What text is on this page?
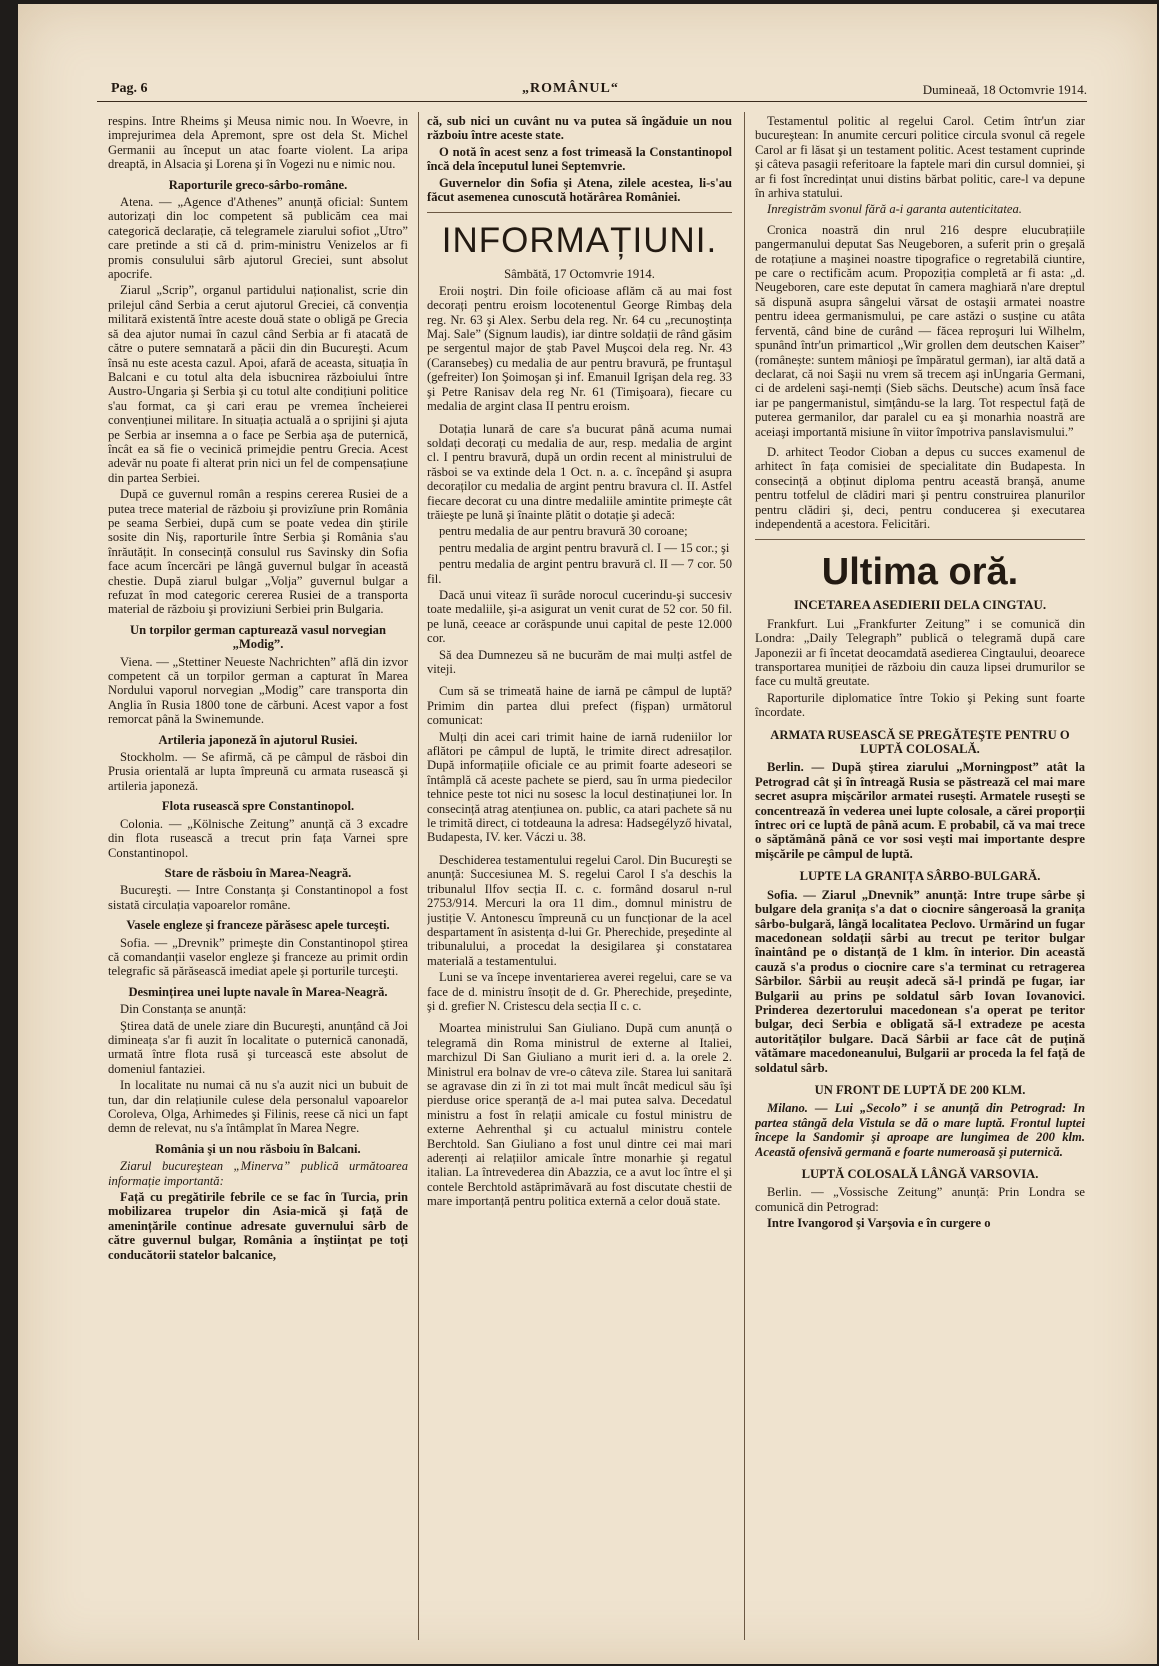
Pag. 6	„ROMÂNUL“	Dumineaă, 18 Octomvrie 1914.

respins. Intre Rheims şi Meusa nimic nou. In Woevre, in imprejurimea dela Apremont, spre ost dela St. Michel Germanii au început un atac foarte violent. La aripa dreaptă, in Alsacia şi Lorena şi în Vogezi nu e nimic nou.

Raporturile greco-sârbo-române.

Atena. — „Agence d'Athenes” anunță oficial: Suntem autorizați din loc competent să publicăm cea mai categorică declarație, că telegramele ziarului sofiot „Utro” care pretinde a sti că d. prim-ministru Venizelos ar fi promis consulului sârb ajutorul Greciei, sunt absolut apocrife.

Ziarul „Scrip”, organul partidului naționalist, scrie din prilejul când Serbia a cerut ajutorul Greciei, că convenția militară existentă între aceste două state o obligă pe Grecia să dea ajutor numai în cazul când Serbia ar fi atacată de către o putere semnatară a păcii din din Bucureşti. Acum însă nu este acesta cazul. Apoi, afară de aceasta, situația în Balcani e cu totul alta dela isbucnirea războiului între Austro-Ungaria şi Serbia şi cu totul alte condițiuni politice s'au format, ca şi cari erau pe vremea încheierei convențiunei militare. In situația actuală a o sprijini şi ajuta pe Serbia ar insemna a o face pe Serbia aşa de puternică, încât ea să fie o vecinică primejdie pentru Grecia. Acest adevăr nu poate fi alterat prin nici un fel de compensațiune din partea Serbiei.

După ce guvernul român a respins cererea Rusiei de a putea trece material de războiu şi provizîune prin România pe seama Serbiei, după cum se poate vedea din ştirile sosite din Niş, raporturile între Serbia şi România s'au înrăutățit. In consecință consulul rus Savinsky din Sofia face acum încercări pe lângă guvernul bulgar în această chestie. După ziarul bulgar „Volja” guvernul bulgar a refuzat în mod categoric cererea Rusiei de a transporta material de războiu şi proviziuni Serbiei prin Bulgaria.

Un torpilor german capturează vasul norvegian „Modig”.

Viena. — „Stettiner Neueste Nachrichten” află din izvor competent că un torpilor german a capturat în Marea Nordului vaporul norvegian „Modig” care transporta din Anglia în Rusia 1800 tone de cărbuni. Acest vapor a fost remorcat până la Swinemunde.

Artileria japoneză în ajutorul Rusiei.

Stockholm. — Se afirmă, că pe câmpul de răsboi din Prusia orientală ar lupta împreună cu armata rusească şi artileria japoneză.

Flota rusească spre Constantinopol.

Colonia. — „Kölnische Zeitung” anunță că 3 excadre din flota rusească a trecut prin fața Varnei spre Constantinopol.

Stare de răsboiu în Marea-Neagră.

Bucureşti. — Intre Constanța şi Constantinopol a fost sistată circulația vapoarelor române.

Vasele engleze şi franceze părăsesc apele turceşti.

Sofia. — „Drevnik” primeşte din Constantinopol ştirea că comandanții vaselor engleze şi franceze au primit ordin telegrafic să părăsească imediat apele şi porturile turceşti.

Desmințirea unei lupte navale în Marea-Neagră.

Din Constanța se anunță:

Ştirea dată de unele ziare din Bucureşti, anunțând că Joi dimineața s'ar fi auzit în localitate o puternică canonadă, urmată între flota rusă şi turcească este absolut de domeniul fantaziei.

In localitate nu numai că nu s'a auzit nici un bubuit de tun, dar din relațiunile culese dela personalul vapoarelor Coroleva, Olga, Arhimedes şi Filinis, reese că nici un fapt demn de relevat, nu s'a întâmplat în Marea Negre.

România şi un nou răsboiu în Balcani.

Ziarul bucureştean „Minerva” publică următoarea informație importantă:

Față cu pregătirile febrile ce se fac în Turcia, prin mobilizarea trupelor din Asia-mică şi față de amenințările continue adresate guvernului sârb de către guvernul bulgar, România a înştiințat pe toți conducătorii statelor balcanice,

că, sub nici un cuvânt nu va putea să îngăduie un nou războiu între aceste state.

O notă în acest senz a fost trimeasă la Constantinopol încă dela începutul lunei Septemvrie.

Guvernelor din Sofia şi Atena, zilele acestea, li-s'au făcut asemenea cunoscută hotărârea României.

INFORMAȚIUNI.

Sâmbătă, 17 Octomvrie 1914.

Eroii noştri. Din foile oficioase aflăm că au mai fost decorați pentru eroism locotenentul George Rimbaş dela reg. Nr. 63 şi Alex. Serbu dela reg. Nr. 64 cu „recunoştința Maj. Sale” (Signum laudis), iar dintre soldații de rând găsim pe sergentul major de ştab Pavel Muşcoi dela reg. Nr. 43 (Caransebeş) cu medalia de aur pentru bravură, pe fruntaşul (gefreiter) Ion Şoimoşan şi inf. Emanuil Igrişan dela reg. 33 şi Petre Ranisav dela reg Nr. 61 (Timişoara), fiecare cu medalia de argint clasa II pentru eroism.

Dotația lunară de care s'a bucurat până acuma numai soldați decorați cu medalia de aur, resp. medalia de argint cl. I pentru bravură, după un ordin recent al ministrului de răsboi se va extinde dela 1 Oct. n. a. c. începând şi asupra decoraților cu medalia de argint pentru bravura cl. II. Astfel fiecare decorat cu una dintre medaliile amintite primeşte cât trăieşte pe lună şi înainte plătit o dotație şi adecă:

pentru medalia de aur pentru bravură 30 coroane;

pentru medalia de argint pentru bravură cl. I — 15 cor.; şi

pentru medalia de argint pentru bravură cl. II — 7 cor. 50 fil.

Dacă unui viteaz îi surâde norocul cucerindu-şi succesiv toate medaliile, şi-a asigurat un venit curat de 52 cor. 50 fil. pe lună, ceeace ar corăspunde unui capital de peste 12.000 cor.

Să dea Dumnezeu să ne bucurăm de mai mulți astfel de viteji.

Cum să se trimeată haine de iarnă pe câmpul de luptă? Primim din partea dlui prefect (fişpan) următorul comunicat:

Mulți din acei cari trimit haine de iarnă rudeniilor lor aflători pe câmpul de luptă, le trimite direct adresaților. După informațiile oficiale ce au primit foarte adeseori se întâmplă că aceste pachete se pierd, sau în urma piedecilor tehnice peste tot nici nu sosesc la locul destinațiunei lor. In consecință atrag atențiunea on. public, ca atari pachete să nu le trimită direct, ci totdeauna la adresa: Hadsegélyző hivatal, Budapesta, IV. ker. Váczi u. 38.

Deschiderea testamentului regelui Carol. Din Bucureşti se anunță: Succesiunea M. S. regelui Carol I s'a deschis la tribunalul Ilfov secția II. c. c. formând dosarul n-rul 2753/914. Mercuri la ora 11 dim., domnul ministru de justiție V. Antonescu împreună cu un funcționar de la acel despartament în asistența d-lui Gr. Pherechide, preşedinte al tribunalului, a procedat la desigilarea şi constatarea materială a testamentului.

Luni se va începe inventarierea averei regelui, care se va face de d. ministru însoțit de d. Gr. Pherechide, preşedinte, şi d. grefier N. Cristescu dela secția II c. c.

Moartea ministrului San Giuliano. După cum anunță o telegramă din Roma ministrul de externe al Italiei, marchizul Di San Giuliano a murit ieri d. a. la orele 2. Ministrul era bolnav de vre-o câteva zile. Starea lui sanitară se agravase din zi în zi tot mai mult încât medicul său îşi pierduse orice speranță de a-l mai putea salva. Decedatul ministru a fost în relații amicale cu fostul ministru de externe Aehrenthal şi cu actualul ministru contele Berchtold. San Giuliano a fost unul dintre cei mai mari aderenți ai relațiilor amicale între monarhie şi regatul italian. La întrevederea din Abazzia, ce a avut loc între el şi contele Berchtold astăprimăvară au fost discutate chestii de mare importanță pentru politica externă a celor două state.

Testamentul politic al regelui Carol. Cetim într'un ziar bucureştean: In anumite cercuri politice circula svonul că regele Carol ar fi lăsat şi un testament politic. Acest testament cuprinde şi câteva pasagii referitoare la faptele mari din cursul domniei, şi ar fi fost încredințat unui distins bărbat politic, care-l va depune în arhiva statului.

Inregistrăm svonul fără a-i garanta autenticitatea.

Cronica noastră din nrul 216 despre elucubrațiile pangermanului deputat Sas Neugeboren, a suferit prin o greşală de rotațiune a maşinei noastre tipografice o regretabilă ciuntire, pe care o rectificăm acum. Propoziția completă ar fi asta: „d. Neugeboren, care este deputat în camera maghiară n'are dreptul să dispună asupra sângelui vărsat de ostaşii armatei noastre pentru ideea germanismului, pe care astăzi o susține cu atâta ferventă, când bine de curând — făcea reproşuri lui Wilhelm, spunând într'un primarticol „Wir grollen dem deutschen Kaiser” (românește: suntem mânioşi pe împăratul german), iar altă dată a declarat, că noi Saşii nu vrem să trecem aşi inUngaria Germani, ci de ardeleni saşi-nemți (Sieb sächs. Deutsche) acum însă face iar pe pangermanistul, simțându-se la larg. Tot respectul față de puterea germanilor, dar paralel cu ea şi monarhia noastră are aceiaşi importantă misiune în viitor împotriva panslavismului.”

D. arhitect Teodor Cioban a depus cu succes examenul de arhitect în fața comisiei de specialitate din Budapesta. In consecință a obținut diploma pentru această branşă, anume pentru totfelul de clădiri mari şi pentru construirea planurilor pentru clădiri şi, deci, pentru conducerea şi executarea independentă a acestora. Felicitări.

Ultima oră.

INCETAREA ASEDIERII DELA CINGTAU.

Frankfurt. Lui „Frankfurter Zeitung” i se comunică din Londra: „Daily Telegraph” publică o telegramă după care Japonezii ar fi încetat deocamdată asedierea Cingtaului, deoarece transportarea muniției de războiu din cauza lipsei drumurilor se face cu multă greutate.

Raporturile diplomatice între Tokio şi Peking sunt foarte încordate.

ARMATA RUSEASCĂ SE PREGĂTEŞTE PENTRU O LUPTĂ COLOSALĂ.

Berlin. — După ştirea ziarului „Morningpost” atât la Petrograd cât şi în întreagă Rusia se păstrează cel mai mare secret asupra mişcărilor armatei ruseşti. Armatele ruseşti se concentrează în vederea unei lupte colosale, a cărei proporții întrec ori ce luptă de până acum. E probabil, că va mai trece o săptămână până ce vor sosi veşti mai importante despre mişcările pe câmpul de luptă.

LUPTE LA GRANIȚA SÂRBO-BULGARĂ.

Sofia. — Ziarul „Dnevnik” anunță: Intre trupe sârbe şi bulgare dela granița s'a dat o ciocnire sângeroasă la granița sârbo-bulgară, lângă localitatea Peclovo. Urmărind un fugar macedonean soldații sârbi au trecut pe teritor bulgar înaintând pe o distanță de 1 klm. în interior. Din această cauză s'a produs o ciocnire care s'a terminat cu retragerea Sârbilor. Sârbii au reuşit adecă să-l prindă pe fugar, iar Bulgarii au prins pe soldatul sârb Iovan Iovanovici. Prinderea dezertorului macedonean s'a operat pe teritor bulgar, deci Serbia e obligată să-l extradeze pe acesta autorităților bulgare. Dacă Sârbii ar face cât de puțină vătămare macedoneanului, Bulgarii ar proceda la fel față de soldatul sârb.

UN FRONT DE LUPTĂ DE 200 KLM.

Milano. — Lui „Secolo” i se anunță din Petrograd: In partea stângă dela Vistula se dă o mare luptă. Frontul luptei începe la Sandomir şi aproape are lungimea de 200 klm. Această ofensivă germană e foarte numeroasă şi puternică.

LUPTĂ COLOSALĂ LÂNGĂ VARSOVIA.

Berlin. — „Vossische Zeitung” anunță: Prin Londra se comunică din Petrograd:

Intre Ivangorod şi Varşovia e în curgere o
